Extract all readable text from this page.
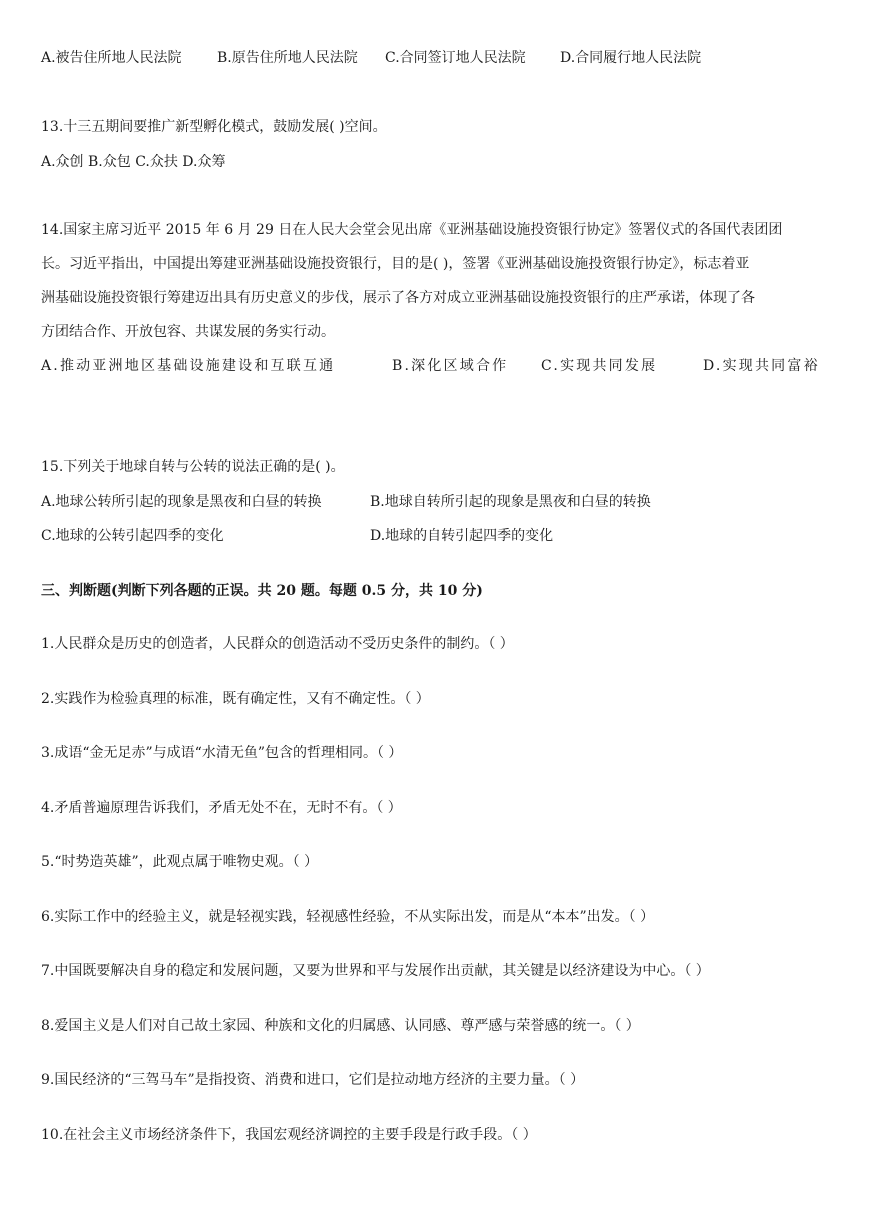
A.被告住所地人民法院	B.原告住所地人民法院 C.合同签订地人民法院 D.合同履行地人民法院
13.十三五期间要推广新型孵化模式，鼓励发展( )空间。
A.众创 B.众包 C.众扶 D.众筹
14.国家主席习近平 2015 年 6 月 29 日在人民大会堂会见出席《亚洲基础设施投资银行协定》签署仪式的各国代表团团
长。习近平指出，中国提出筹建亚洲基础设施投资银行，目的是( )，签署《亚洲基础设施投资银行协定》，标志着亚
洲基础设施投资银行筹建迈出具有历史意义的步伐，展示了各方对成立亚洲基础设施投资银行的庄严承诺，体现了各
方团结合作、开放包容、共谋发展的务实行动。
A.推动亚洲地区基础设施建设和互联互通	B.深化区域合作 C.实现共同发展	D.实现共同富裕
15.下列关于地球自转与公转的说法正确的是( )。
A.地球公转所引起的现象是黑夜和白昼的转换	B.地球自转所引起的现象是黑夜和白昼的转换
C.地球的公转引起四季的变化	D.地球的自转引起四季的变化
三、判断题(判断下列各题的正误。共 20 题。每题 0.5 分，共 10 分)
1.人民群众是历史的创造者，人民群众的创造活动不受历史条件的制约。（ ）
2.实践作为检验真理的标准，既有确定性，又有不确定性。（ ）
3.成语“金无足赤”与成语“水清无鱼”包含的哲理相同。（ ）
4.矛盾普遍原理告诉我们，矛盾无处不在，无时不有。（ ）
5.“时势造英雄”，此观点属于唯物史观。（ ）
6.实际工作中的经验主义，就是轻视实践，轻视感性经验，不从实际出发，而是从“本本”出发。（ ）
7.中国既要解决自身的稳定和发展问题，又要为世界和平与发展作出贡献，其关键是以经济建设为中心。（ ）
8.爱国主义是人们对自己故土家园、种族和文化的归属感、认同感、尊严感与荣誉感的统一。（ ）
9.国民经济的“三驾马车”是指投资、消费和进口，它们是拉动地方经济的主要力量。（ ）
10.在社会主义市场经济条件下，我国宏观经济调控的主要手段是行政手段。（ ）
